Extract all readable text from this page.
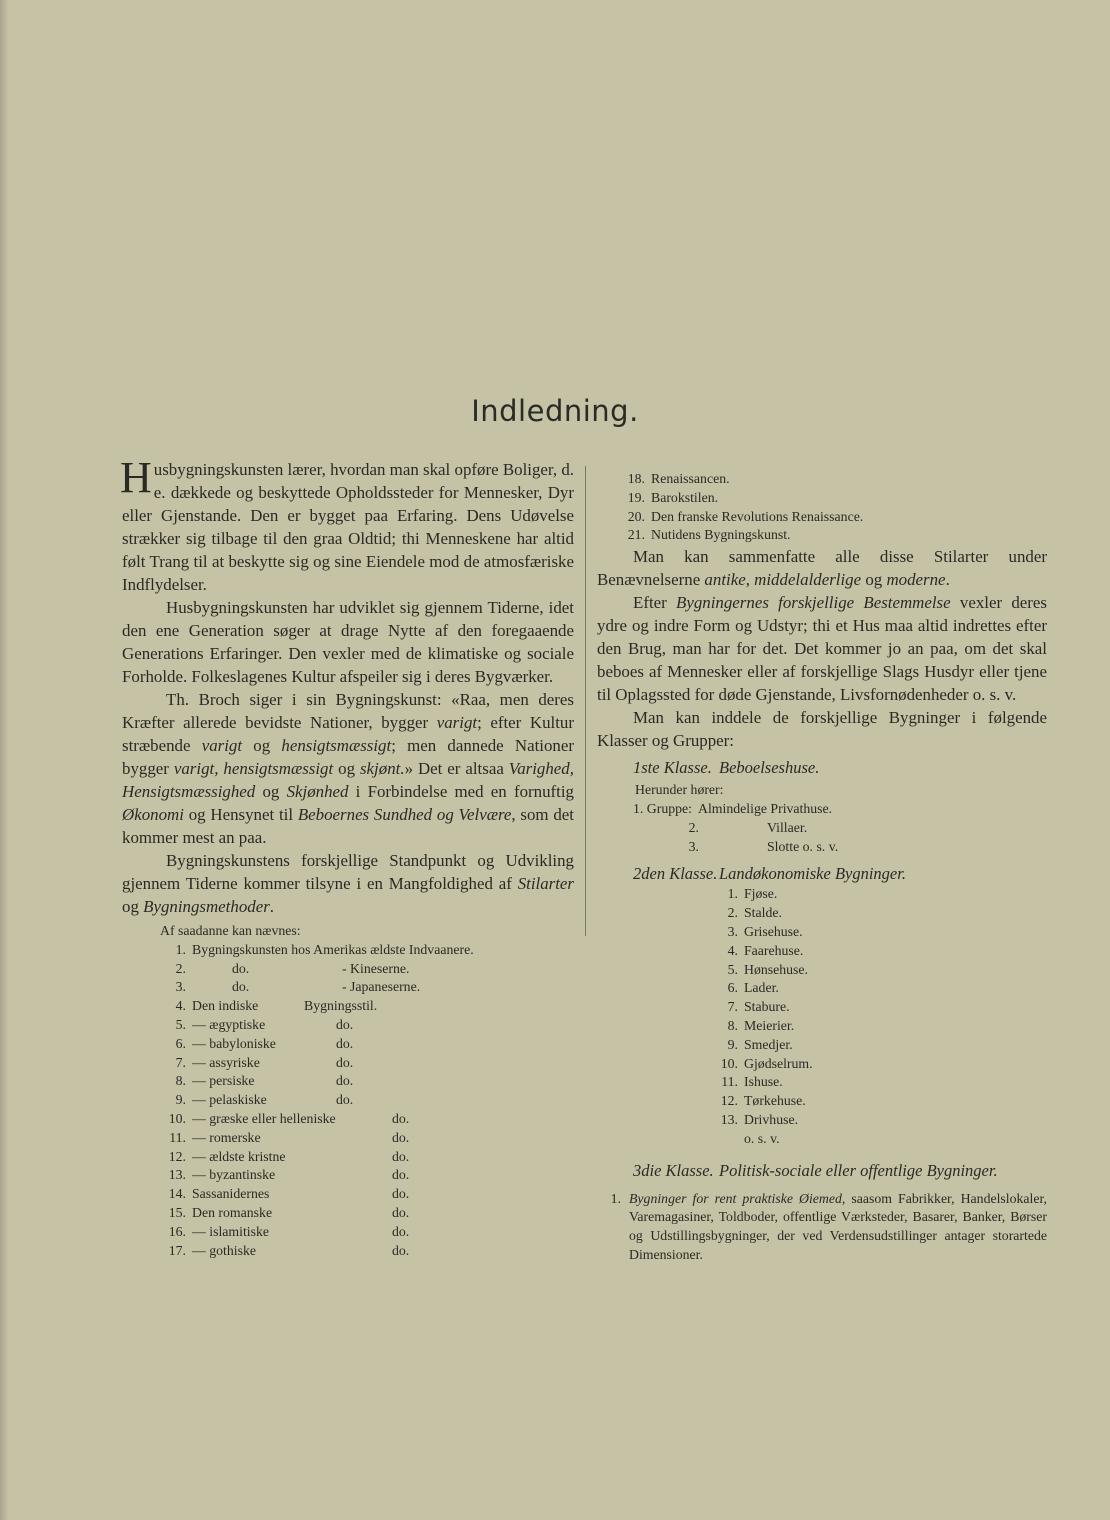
Indledning.

Husbygningskunsten lærer, hvordan man skal opføre Boliger, d. e. dækkede og beskyttede Opholdssteder for Mennesker, Dyr eller Gjenstande. Den er bygget paa Erfaring. Dens Udøvelse strækker sig tilbage til den graa Oldtid; thi Menneskene har altid følt Trang til at beskytte sig og sine Eiendele mod de atmosfæriske Indflydelser.

Husbygningskunsten har udviklet sig gjennem Tiderne, idet den ene Generation søger at drage Nytte af den foregaaende Generations Erfaringer. Den vexler med de klimatiske og sociale Forholde. Folkeslagenes Kultur afspeiler sig i deres Bygværker.

Th. Broch siger i sin Bygningskunst: «Raa, men deres Kræfter allerede bevidste Nationer, bygger varigt; efter Kultur stræbende varigt og hensigtsmæssigt; men dannede Nationer bygger varigt, hensigtsmæssigt og skjønt.» Det er altsaa Varighed, Hensigtsmæssighed og Skjønhed i Forbindelse med en fornuftig Økonomi og Hensynet til Beboernes Sundhed og Velvære, som det kommer mest an paa.

Bygningskunstens forskjellige Standpunkt og Udvikling gjennem Tiderne kommer tilsyne i en Mangfoldighed af Stilarter og Bygningsmethoder.

Af saadanne kan nævnes:
1. Bygningskunsten hos Amerikas ældste Indvaanere.
2.	do.	- Kineserne.
3.	do.	- Japaneserne.
4. Den indiske	Bygningsstil.
5. — ægyptiske	do.
6. — babyloniske	do.
7. — assyriske	do.
8. — persiske	do.
9. — pelaskiske	do.
10. — græske eller helleniske	do.
11. — romerske	do.
12. — ældste kristne	do.
13. — byzantinske	do.
14. Sassanidernes	do.
15. Den romanske	do.
16. — islamitiske	do.
17. — gothiske	do.
18. Renaissancen.
19. Barokstilen.
20. Den franske Revolutions Renaissance.
21. Nutidens Bygningskunst.

Man kan sammenfatte alle disse Stilarter under Benævnelserne antike, middelalderlige og moderne.

Efter Bygningernes forskjellige Bestemmelse vexler deres ydre og indre Form og Udstyr; thi et Hus maa altid indrettes efter den Brug, man har for det. Det kommer jo an paa, om det skal beboes af Mennesker eller af forskjellige Slags Husdyr eller tjene til Oplagssted for døde Gjenstande, Livsfornødenheder o. s. v.

Man kan inddele de forskjellige Bygninger i følgende Klasser og Grupper:

1ste Klasse. Beboelseshuse.

Herunder hører:
1. Gruppe: Almindelige Privathuse.
2.	Villaer.
3.	Slotte o. s. v.

2den Klasse. Landøkonomiske Bygninger.

1. Fjøse.
2. Stalde.
3. Grisehuse.
4. Faarehuse.
5. Hønsehuse.
6. Lader.
7. Stabure.
8. Meierier.
9. Smedjer.
10. Gjødselrum.
11. Ishuse.
12. Tørkehuse.
13. Drivhuse.
o. s. v.

3die Klasse. Politisk-sociale eller offentlige Bygninger.

1. Bygninger for rent praktiske Øiemed, saasom Fabrikker, Handelslokaler, Varemagasiner, Toldboder, offentlige Værksteder, Basarer, Banker, Børser og Udstillingsbygninger, der ved Verdensudstillinger antager storartede Dimensioner.
